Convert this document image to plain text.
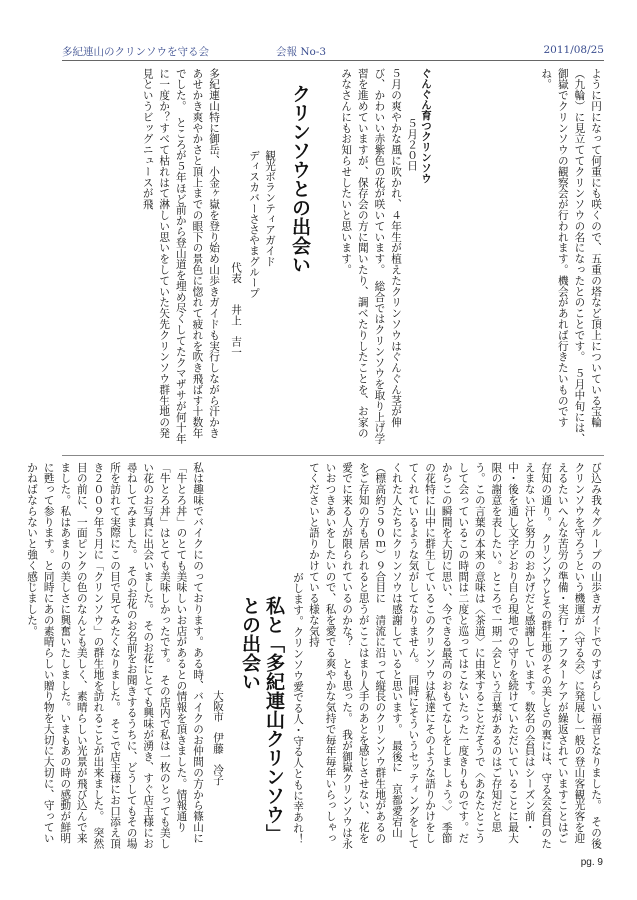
多紀連山のクリンソウを守る会	会報 No-3	2011/08/25

ように円になって何重にも咲くので、五重の塔など頂上についている宝輪（九輪）に見立ててクリンソウの名になったとのことです。　５月中旬には、御嶽でクリンソウの観察会が行われます。機会があれば行きたいものですね。

ぐんぐん育つクリンソウ
５月２０日

５月の爽やかな風に吹かれ、４年生が植えたクリンソウはぐんぐん茎が伸び、かわいい赤紫色の花が咲いています。　総合ではクリンソウを取り上げ学習を進めていますが、保存会の方に聞いたり、調べたりしたことを、お家のみなさんにもお知らせしたいと思います。

クリンソウとの出会い
観光ボランティアガイド
ディスカバーささやまグループ
代表　　井上　吉一

多紀連山特に御岳、小金ヶ嶽を登り始め山歩きガイドも実行しながら汗かきあせかき爽やかさと頂上までの眼下の景色に惚れて疲れを吹き飛ばす十数年でした。　ところが５年ほど前から登山道を埋め尽くしてたクマザサが何十年に一度か？すべて枯れはて淋しい思いをしていた矢先クリンソウ群生地の発見というビッグニュースが飛

び込み我々グループの山歩きガイドでのすばらしい福音となりました。　その後クリンソウを守ろうという機運が〈守る会〉に発展し一般の登山客観光客を迎えるたいへんな苦労の準備・実行・アフターケアが繰返されていますことはご存知の通り。　クリンソウとその群生地のその美しさの裏には、守る会会員のたえまない汗と努力のおかげだと感謝しています。数名の会員はシーズン前・中・後を通し文字どおり自ら現地での守りを続けていただいていることに最大限の謝意を表したい。ところで一期一会という言葉があるのはご存知だと思う。この言葉の本来の意味は〈茶道〉に由来することだそうで〈あなたとこうして会っているこの時間は二度と巡ってはこないたった一度きりものです。だからこの瞬間を大切に思い、今できる最高のおもてなしをしましょう。〉　季節の花特に山中に群生しているこのクリンソウは私達にそのような語りかけをしてくれているような気がしてなりません。　同時にそういうセッティングをしてくれた人たちにクリンソウは感謝していると思います。　最後に　京都愛宕山（標高約５９０ｍ）９合目に　清流に沿って縦長のクリンソウ群生地があるのをご存知の方も居られると思うがここはまり人手のあとを感じさせない、花を愛でに来る人が限られているのかな？　とも思った。　我が御嶽クリンソウは永いおつきあいをしたいので、私を愛でる爽やかな気持で毎年毎年いらっしゃってくださいと語りかけている様な気持

がします。クリンソウ愛でる人・守る人ともに幸あれ！

私と「多紀連山クリンソウ」との出会い
大阪市　伊藤　冷子

私は趣味でバイクにのっております。ある時、バイクのお仲間の方から篠山に「牛とろ丼」のとても美味しいお店があるとの情報を頂きました。情報通り「牛とろ丼」はとても美味しかったです。　その店内で私は一枚のとっても美しい花のお写真に出会いました。　そのお花にとても興味が湧き、すぐ店主様にお尋ねしてみました。　そのお花のお名前をお聞きするうちに、どうしてもその場所を訪れて実際にこの目で見てみたくなりました。　そこで店主様にお口添え頂き２００９年５月に「クリンソウ」の群生地を訪れることが出来ました。　突然目の前に、一面ピンクの色のなんとも美しく、素晴らしい光景が飛び込んで来ました。私はあまりの美しさに興奮いたしました。いまもあの時の感動が鮮明に甦って参ります。と同時にあの素晴らしい贈り物を大切に大切に、守っていかねばならないと強く感じました。

pg. 9
